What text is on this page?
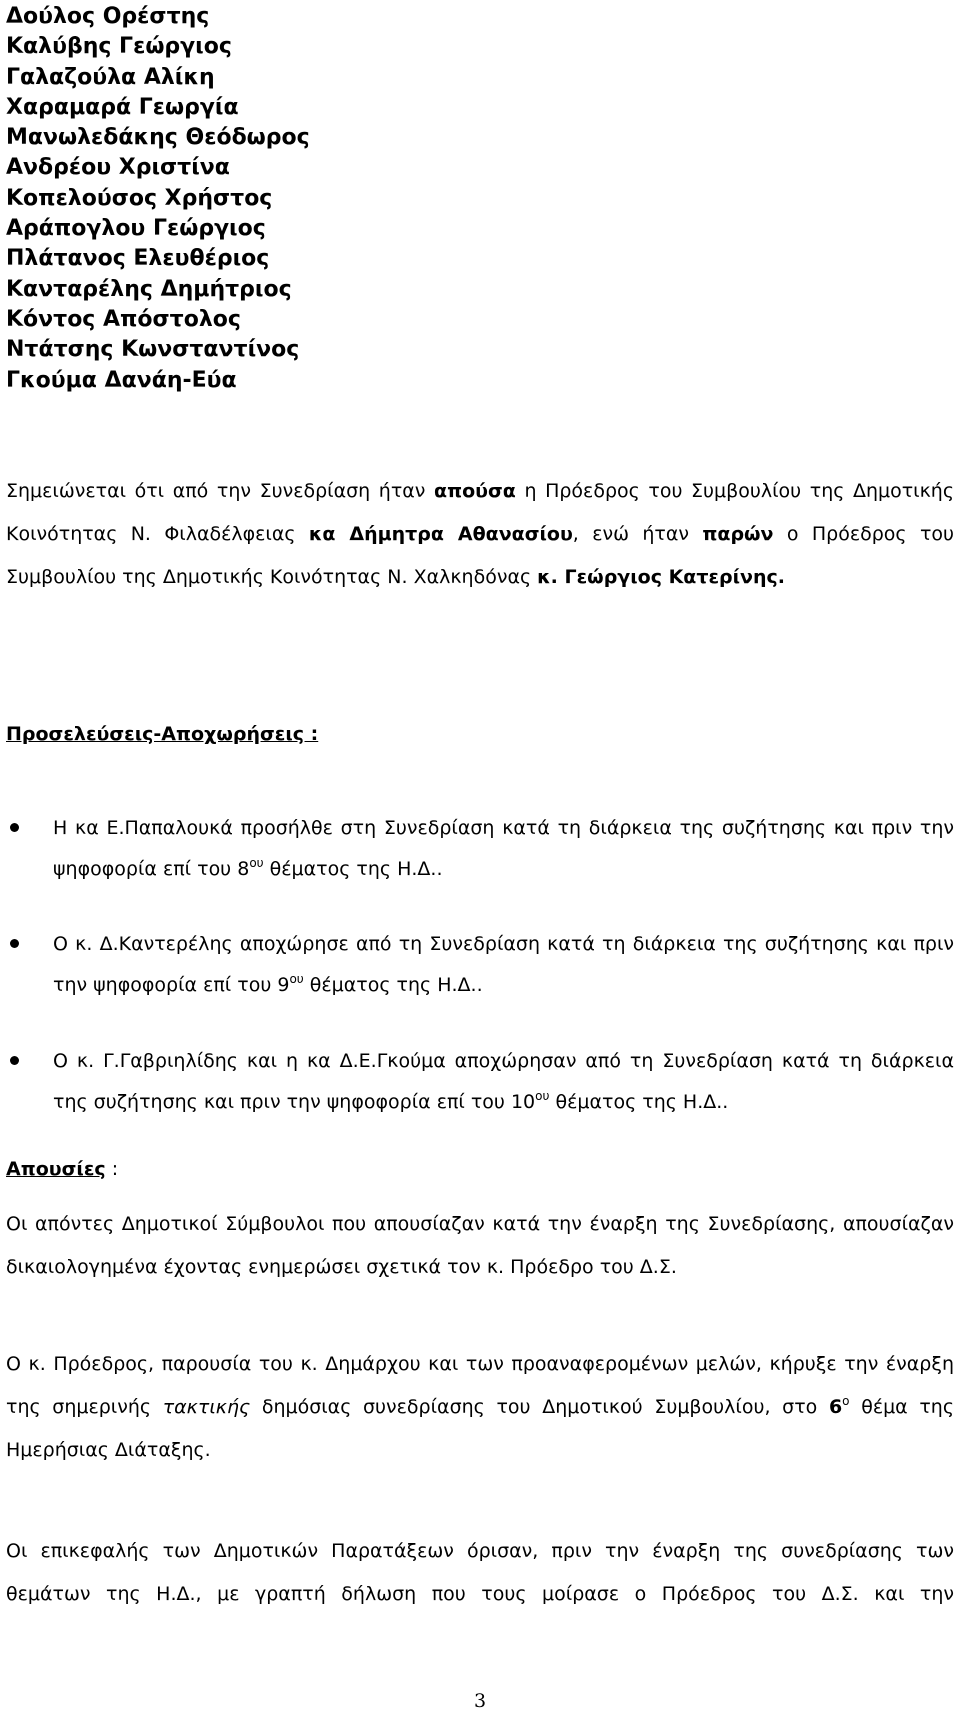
Δούλος Ορέστης
Καλύβης Γεώργιος
Γαλαζούλα Αλίκη
Χαραμαρά Γεωργία
Μανωλεδάκης Θεόδωρος
Ανδρέου Χριστίνα
Κοπελούσος Χρήστος
Αράπογλου Γεώργιος
Πλάτανος Ελευθέριος
Κανταρέλης Δημήτριος
Κόντος Απόστολος
Ντάτσης Κωνσταντίνος
Γκούμα Δανάη-Εύα

Σημειώνεται ότι από την Συνεδρίαση ήταν απούσα η Πρόεδρος του Συμβουλίου της Δημοτικής Κοινότητας Ν. Φιλαδέλφειας κα Δήμητρα Αθανασίου, ενώ ήταν παρών ο Πρόεδρος του Συμβουλίου της Δημοτικής Κοινότητας Ν. Χαλκηδόνας κ. Γεώργιος Κατερίνης.

Προσελεύσεις-Αποχωρήσεις :

Η κα Ε.Παπαλουκά προσήλθε στη Συνεδρίαση κατά τη διάρκεια της συζήτησης και πριν την ψηφοφορία επί του $8^{o\upsilon}$ θέματος της Η.Δ..
Ο κ. Δ.Καντερέλης αποχώρησε από τη Συνεδρίαση κατά τη διάρκεια της συζήτησης και πριν την ψηφοφορία επί του $9^{o\upsilon}$ θέματος της Η.Δ..
Ο κ. Γ.Γαβριηλίδης και η κα Δ.Ε.Γκούμα αποχώρησαν από τη Συνεδρίαση κατά τη διάρκεια της συζήτησης και πριν την ψηφοφορία επί του $10^{o\upsilon}$ θέματος της Η.Δ..

Απουσίες :

Οι απόντες Δημοτικοί Σύμβουλοι που απουσίαζαν κατά την έναρξη της Συνεδρίασης, απουσίαζαν δικαιολογημένα έχοντας ενημερώσει σχετικά τον κ. Πρόεδρο του Δ.Σ.

Ο κ. Πρόεδρος, παρουσία του κ. Δημάρχου και των προαναφερομένων μελών, κήρυξε την έναρξη της σημερινής τακτικής δημόσιας συνεδρίασης του Δημοτικού Συμβουλίου, στο $6^o$ θέμα της Ημερήσιας Διάταξης.

Οι επικεφαλής των Δημοτικών Παρατάξεων όρισαν, πριν την έναρξη της συνεδρίασης των θεμάτων της Η.Δ., με γραπτή δήλωση που τους μοίρασε ο Πρόεδρος του Δ.Σ. και την

3
